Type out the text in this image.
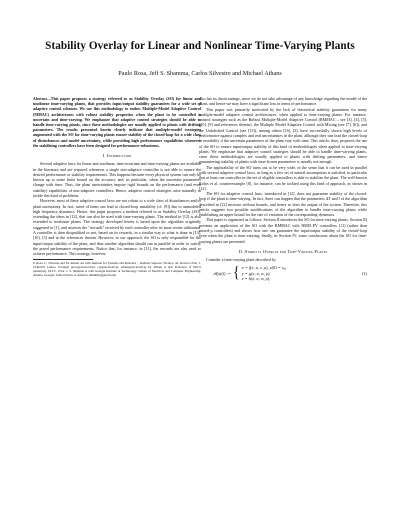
Stability Overlay for Linear and Nonlinear Time-Varying Plants
Paulo Rosa, Jeff S. Shamma, Carlos Silvestre and Michael Athans
Abstract—This paper proposes a strategy referred to as Stability Overlay (SO) for linear and nonlinear time-varying plants, that provides input/output stability guarantees for a wide set of adaptive control schemes. We use this methodology to endow Multiple-Model Adaptive Control (MMAC) architectures with robust stability properties when the plant to be controlled is uncertain and time-varying. We emphasize that adaptive control strategies should be able to handle time-varying plants, since these methodologies are usually applied to plants with drifting parameters. The results presented herein clearly indicate that multiple-model strategies augmented with the SO for time-varying plants ensure stability of the closed-loop for a wide class of disturbances and model uncertainty, while providing high performance capabilities whenever the stabilizing controllers have been designed for performance-robustness.
I. Introduction

Several adaptive laws for linear and nonlinear, time-invariant and time-varying plants are available in the literature and are required whenever a single non-adaptive controller is not able to ensure the desired performance or stability requirements. This happens because every physical system can only be known up to some finite bound on the accuracy and, in particular, when the uncertain parameters change with time. Thus, the plant uncertainties impose rigid bounds on the performance (and even stability) capabilities of non-adaptive controllers. Hence, adaptive control strategies arise naturally to tackle this kind of problems.

However, most of these adaptive control laws are not robust to a wide class of disturbances and/or plant uncertainty. In fact, some of them can lead to closed-loop instability (cf. [9]) due to unmodeled high frequency dynamics. Hence, this paper proposes a method referred to as Stability Overlay (SO), extending the ideas in [12], that can also be used with time-varying plants. The method in [12] is also extended to nonlinear plants. The strategy developed herein is based upon the algorithm originally suggested in [1], and assesses the "rewards" received by each controller after its most recent utilization. A controller is then disqualified or not, based on its rewards, in a similar way to what is done in [13], [16], [3] and in the references therein. However, in our approach, the SO is only responsible for the input/output stability of the plant, and thus another algorithm should run in parallel in order to satisfy the posed performance requirements. Notice that, for instance, in [13], the rewards are also used to achieve performance. This strategy, however,

P. Rosa, C. Silvestre and M. Athans are with Institute for Systems and Robotics – Instituto Superior Técnico, Av. Rovisco Pais, 1, 1049-001 Lisboa, Portugal prosa@isr.ist.utl.pt, cjs@isr.ist.utl.pt, athans@isr.ist.utl.pt M. Athans is also Professor of EECS (emeritus), M.I.T., USA. J. S. Shamma is with Georgia Institute of Technology, School of Electrical and Computer Engineering, Atlanta, Georgia, United States of America shamma@gatech.edu

also has its shortcomings, since we do not take advantage of any knowledge regarding the model of the plant, and hence we may have a significant loss in terms of performance.

This paper was primarily motivated by the lack of theoretical stability guarantees for many multiple-model adaptive control architectures, when applied to time-varying plants. For instance, control strategies such as the Robust Multiple-Model Adaptive Control (RMMAC – see [3], [4], [5], [10], [9] and references therein), the Multiple Model Adaptive Control with Mixing (see [7], [6]), and the Unfalsified Control (see [13]), among others [16], [2], have successfully shown high levels of performance against complex and real uncertainties in the plant, although they can lead the closed-loop to instability if the uncertain parameters of the plant vary with time. This article, thus, proposes the use of the SO to ensure input/output stability of this kind of methodologies when applied to time-varying plants. We emphasize that adaptive control strategies should be able to handle time-varying plants, since these methodologies are usually applied to plants with drifting parameters, and hence guaranteeing stability of plants with time-frozen parameters is usually not enough.

The applicability of the SO turns out to be very wide, in the sense that it can be used in parallel with several adaptive control laws, as long as a few set of natural assumptions is satisfied, in particular that at least one controller in the set of eligible controllers is able to stabilize the plant. The well-known Rohrs et al. counterexample [8], for instance, can be tackled using this kind of approach, as shown in [12].

The SO for adaptive control laws, introduced in [12], does not guarantee stability of the closed-loop if the plant is time-varying. In fact, there can happen that the parameters ΔT and l of the algorithm described in [12] increase without bounds, and hence so does the output of the system. Therefore, this article suggests two possible modifications of the algorithm to handle time-varying plants while establishing an upper bound for the rate of variation of the corresponding dynamics.

This paper is organized as follows: Section II introduces the SO for time-varying plants. Section III presents an application of the SO with the RMMAC with BMI/LPV controllers [11] (rather than mixed-μ controllers) and shows how one can guarantee the input/output stability of the closed-loop even when the plant is time-varying; finally, in Section IV, some conclusions about the SO for time-varying plants are presented.

II. Stability Overlay for Time-Varying Plants

Consider a time-varying plant described by

𝒫(ρ(t)) := { ẋ = f(x, u, v, ρ), x(0) = x₀,
y = g(x, u, w, ρ),
z = h(x, u, w, ρ),
(1)
